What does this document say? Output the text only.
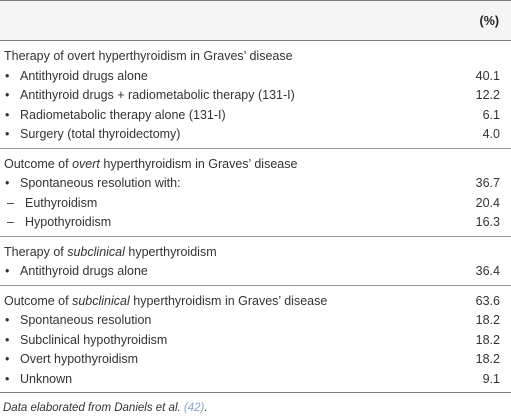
(%)
Therapy of overt hyperthyroidism in Graves’ disease
• Antithyroid drugs alone	40.1
• Antithyroid drugs + radiometabolic therapy (131-I)	12.2
• Radiometabolic therapy alone (131-I)	6.1
• Surgery (total thyroidectomy)	4.0
Outcome of overt hyperthyroidism in Graves’ disease
• Spontaneous resolution with:	36.7
– Euthyroidism	20.4
– Hypothyroidism	16.3
Therapy of subclinical hyperthyroidism
• Antithyroid drugs alone	36.4
Outcome of subclinical hyperthyroidism in Graves’ disease	63.6
• Spontaneous resolution	18.2
• Subclinical hypothyroidism	18.2
• Overt hypothyroidism	18.2
• Unknown	9.1
Data elaborated from Daniels et al. (42).
